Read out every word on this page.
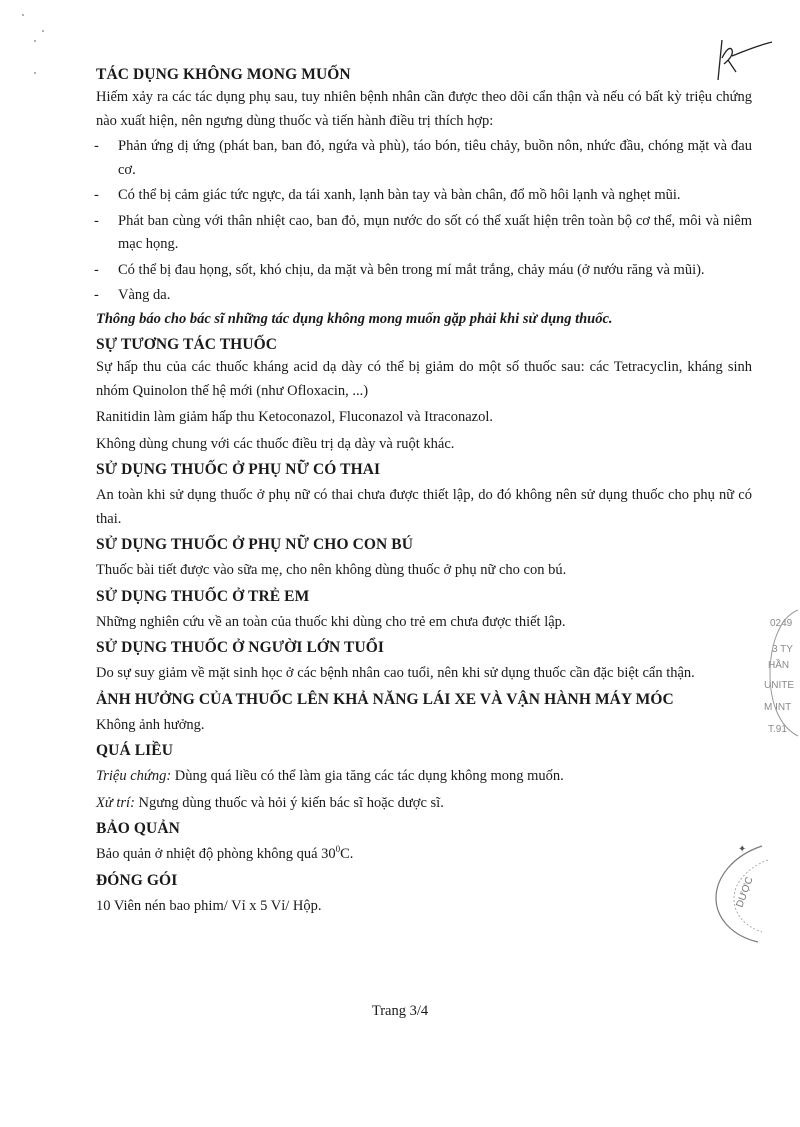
TÁC DỤNG KHÔNG MONG MUỐN

Hiếm xảy ra các tác dụng phụ sau, tuy nhiên bệnh nhân cần được theo dõi cẩn thận và nếu có bất kỳ triệu chứng nào xuất hiện, nên ngưng dùng thuốc và tiến hành điều trị thích hợp:

- Phản ứng dị ứng (phát ban, ban đỏ, ngứa và phù), táo bón, tiêu chảy, buồn nôn, nhức đầu, chóng mặt và đau cơ.
- Có thể bị cảm giác tức ngực, da tái xanh, lạnh bàn tay và bàn chân, đổ mồ hôi lạnh và nghẹt mũi.
- Phát ban cùng với thân nhiệt cao, ban đỏ, mụn nước do sốt có thể xuất hiện trên toàn bộ cơ thể, môi và niêm mạc họng.
- Có thể bị đau họng, sốt, khó chịu, da mặt và bên trong mí mắt trắng, chảy máu (ở nướu răng và mũi).
- Vàng da.

Thông báo cho bác sĩ những tác dụng không mong muốn gặp phải khi sử dụng thuốc.

SỰ TƯƠNG TÁC THUỐC

Sự hấp thu của các thuốc kháng acid dạ dày có thể bị giảm do một số thuốc sau: các Tetracyclin, kháng sinh nhóm Quinolon thế hệ mới (như Ofloxacin, ...)

Ranitidin làm giảm hấp thu Ketoconazol, Fluconazol và Itraconazol.

Không dùng chung với các thuốc điều trị dạ dày và ruột khác.

SỬ DỤNG THUỐC Ở PHỤ NỮ CÓ THAI

An toàn khi sử dụng thuốc ở phụ nữ có thai chưa được thiết lập, do đó không nên sử dụng thuốc cho phụ nữ có thai.

SỬ DỤNG THUỐC Ở PHỤ NỮ CHO CON BÚ

Thuốc bài tiết được vào sữa mẹ, cho nên không dùng thuốc ở phụ nữ cho con bú.

SỬ DỤNG THUỐC Ở TRẺ EM

Những nghiên cứu về an toàn của thuốc khi dùng cho trẻ em chưa được thiết lập.

SỬ DỤNG THUỐC Ở NGƯỜI LỚN TUỔI

Do sự suy giảm về mặt sinh học ở các bệnh nhân cao tuổi, nên khi sử dụng thuốc cần đặc biệt cẩn thận.

ẢNH HƯỞNG CỦA THUỐC LÊN KHẢ NĂNG LÁI XE VÀ VẬN HÀNH MÁY MÓC

Không ảnh hưởng.

QUÁ LIỀU

Triệu chứng: Dùng quá liều có thể làm gia tăng các tác dụng không mong muốn.

Xử trí: Ngưng dùng thuốc và hỏi ý kiến bác sĩ hoặc dược sĩ.

BẢO QUẢN

Bảo quản ở nhiệt độ phòng không quá $30^0C$.

ĐÓNG GÓI

10 Viên nén bao phim/ Vỉ x 5 Vỉ/ Hộp.

Trang 3/4
0249
3 TY
HẦN
UNITE
M INT
T.91
✦
DƯỢC
